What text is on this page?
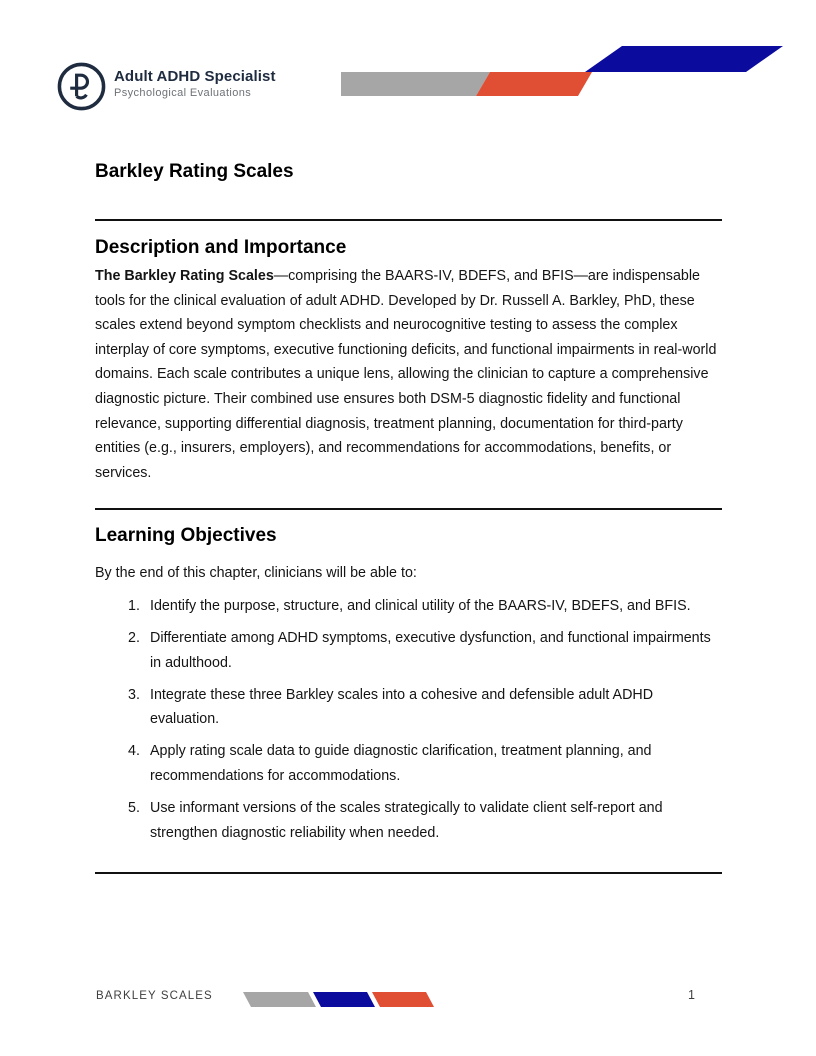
Adult ADHD Specialist
Psychological Evaluations
Barkley Rating Scales
Description and Importance
The Barkley Rating Scales—comprising the BAARS-IV, BDEFS, and BFIS—are indispensable tools for the clinical evaluation of adult ADHD. Developed by Dr. Russell A. Barkley, PhD, these scales extend beyond symptom checklists and neurocognitive testing to assess the complex interplay of core symptoms, executive functioning deficits, and functional impairments in real-world domains. Each scale contributes a unique lens, allowing the clinician to capture a comprehensive diagnostic picture. Their combined use ensures both DSM-5 diagnostic fidelity and functional relevance, supporting differential diagnosis, treatment planning, documentation for third-party entities (e.g., insurers, employers), and recommendations for accommodations, benefits, or services.
Learning Objectives
By the end of this chapter, clinicians will be able to:
1. Identify the purpose, structure, and clinical utility of the BAARS-IV, BDEFS, and BFIS.
2. Differentiate among ADHD symptoms, executive dysfunction, and functional impairments in adulthood.
3. Integrate these three Barkley scales into a cohesive and defensible adult ADHD evaluation.
4. Apply rating scale data to guide diagnostic clarification, treatment planning, and recommendations for accommodations.
5. Use informant versions of the scales strategically to validate client self-report and strengthen diagnostic reliability when needed.
BARKLEY SCALES	1
